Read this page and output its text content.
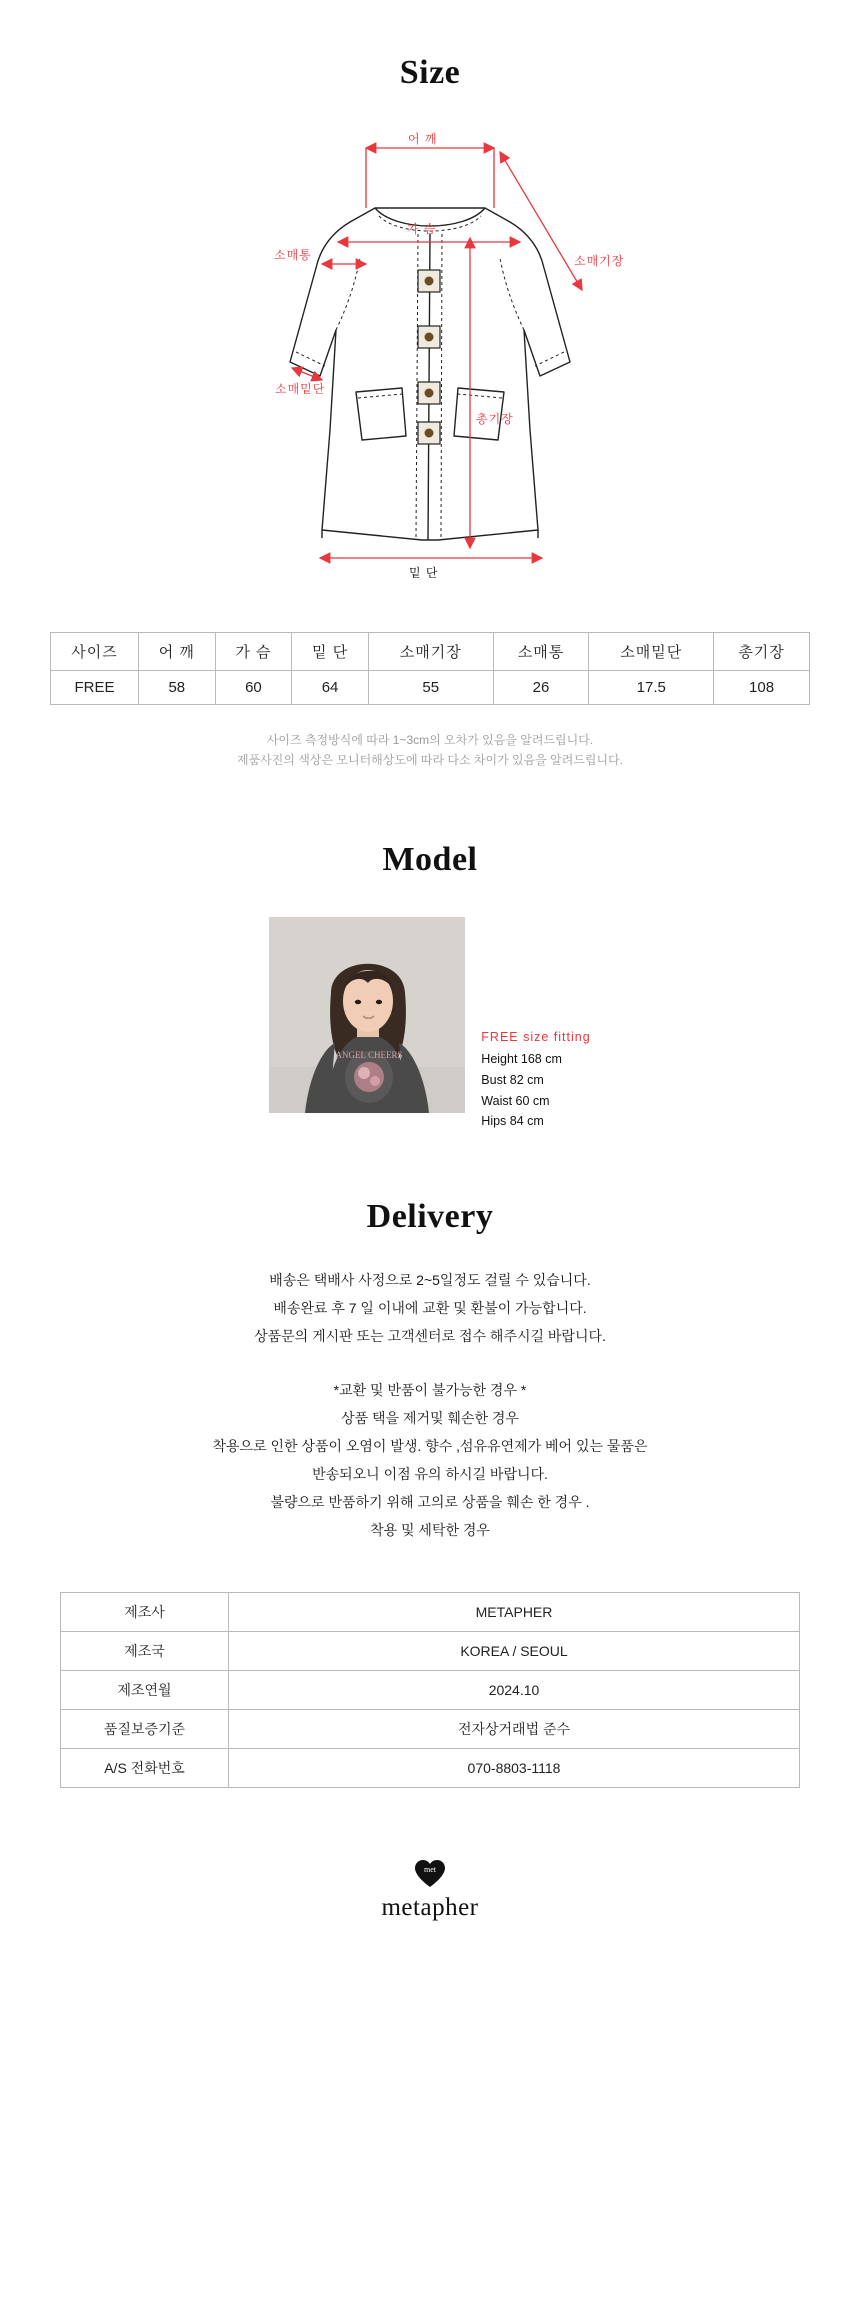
Size
어 깨
가 슴
소매통	소매기장
소매밑단
총기장
밑 단
사이즈	어 깨	가 슴	밑 단	소매기장	소매통	소매밑단	총기장
FREE	58	60	64	55	26	17.5	108
사이즈 측정방식에 따라 1~3cm의 오차가 있음을 알려드립니다.
제품사진의 색상은 모니터해상도에 따라 다소 차이가 있음을 알려드립니다.
Model
ANGEL CHEERS
FREE size fitting
Height 168 cm
Bust 82 cm
Waist 60 cm
Hips 84 cm
Delivery
배송은 택배사 사정으로 2~5일정도 걸릴 수 있습니다.
배송완료 후 7 일 이내에 교환 및 환불이 가능합니다.
상품문의 게시판 또는 고객센터로 접수 해주시길 바랍니다.
*교환 및 반품이 불가능한 경우 *
상품 택을 제거및 훼손한 경우
착용으로 인한 상품이 오염이 발생. 향수 ,섬유유연제가 베어 있는 물품은
반송되오니 이점 유의 하시길 바랍니다.
불량으로 반품하기 위해 고의로 상품을 훼손 한 경우 .
착용 및 세탁한 경우
제조사	METAPHER
제조국	KOREA / SEOUL
제조연월	2024.10
품질보증기준	전자상거래법 준수
A/S 전화번호	070-8803-1118
met
metapher
